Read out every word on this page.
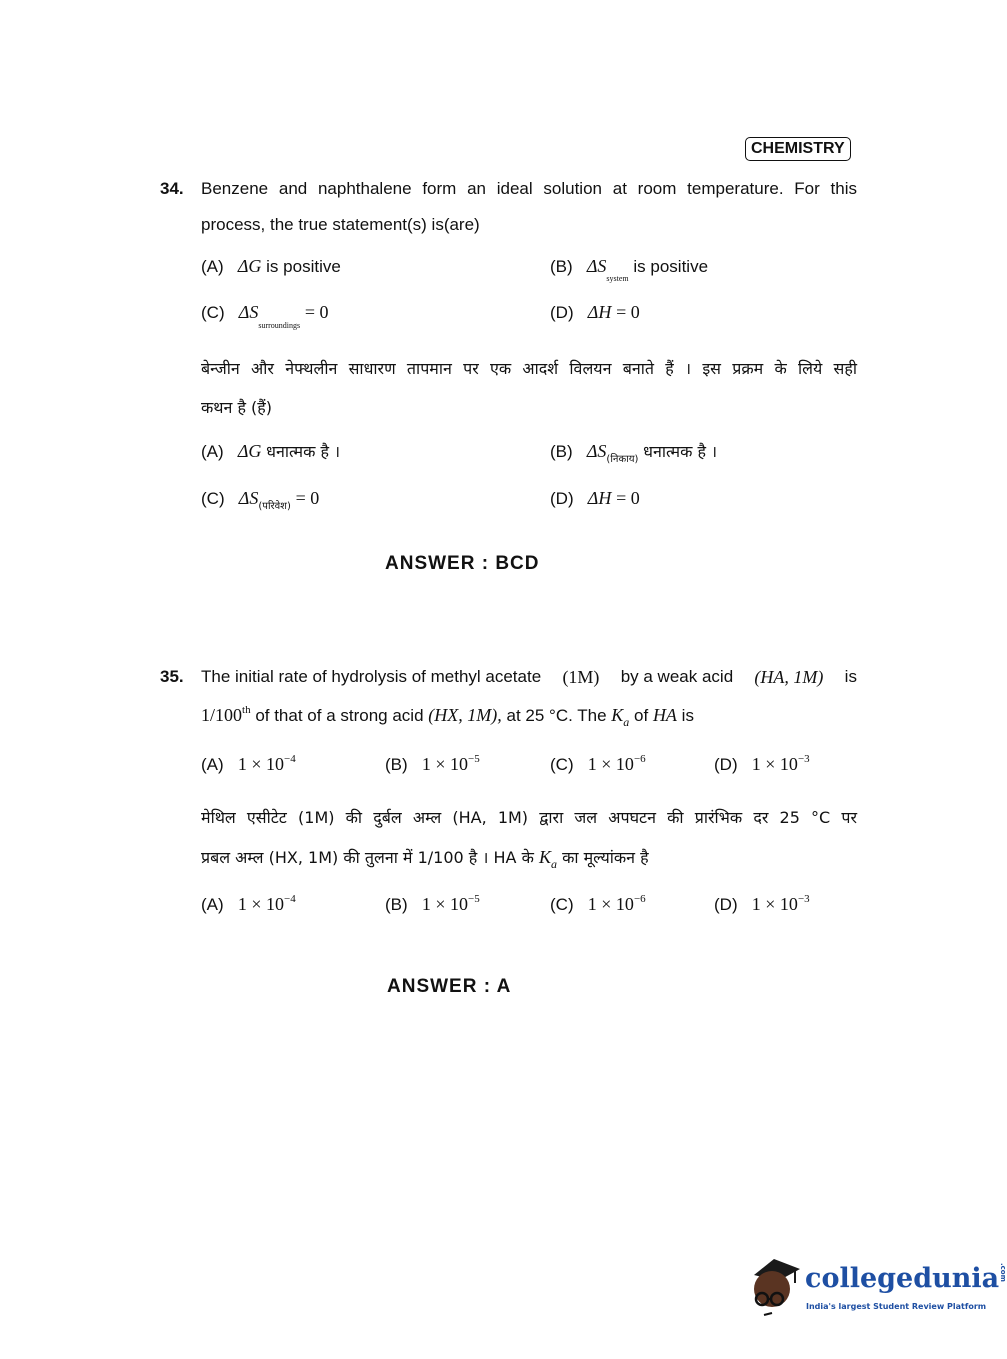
CHEMISTRY
34. Benzene and naphthalene form an ideal solution at room temperature. For this
process, the true statement(s) is(are)
(A) ΔG is positive	(B) $\Delta S_{system}$ is positive
(C) $\Delta S_{surroundings} = 0$	(D) ΔH = 0
बेन्जीन और नेफ्थलीन साधारण तापमान पर एक आदर्श विलयन बनाते हैं । इस प्रक्रम के लिये सही
कथन है (हैं)
(A) ΔG धनात्मक है ।	(B) $\Delta S_{(निकाय)}$ धनात्मक है ।
(C) $\Delta S_{(परिवेश)} = 0$	(D) ΔH = 0
ANSWER : BCD
35. The initial rate of hydrolysis of methyl acetate (1M) by a weak acid (HA, 1M) is
1/100th of that of a strong acid (HX, 1M), at 25 °C. The $K_a$ of HA is
(A) $1 \times 10^{-4}$	(B) $1 \times 10^{-5}$	(C) $1 \times 10^{-6}$	(D) $1 \times 10^{-3}$
मेथिल एसीटेट (1M) की दुर्बल अम्ल (HA, 1M) द्वारा जल अपघटन की प्रारंभिक दर 25 °C पर
प्रबल अम्ल (HX, 1M) की तुलना में 1/100 है । HA के $K_a$ का मूल्यांकन है
(A) $1 \times 10^{-4}$	(B) $1 \times 10^{-5}$	(C) $1 \times 10^{-6}$	(D) $1 \times 10^{-3}$
ANSWER : A
collegedunia.com
India's largest Student Review Platform
